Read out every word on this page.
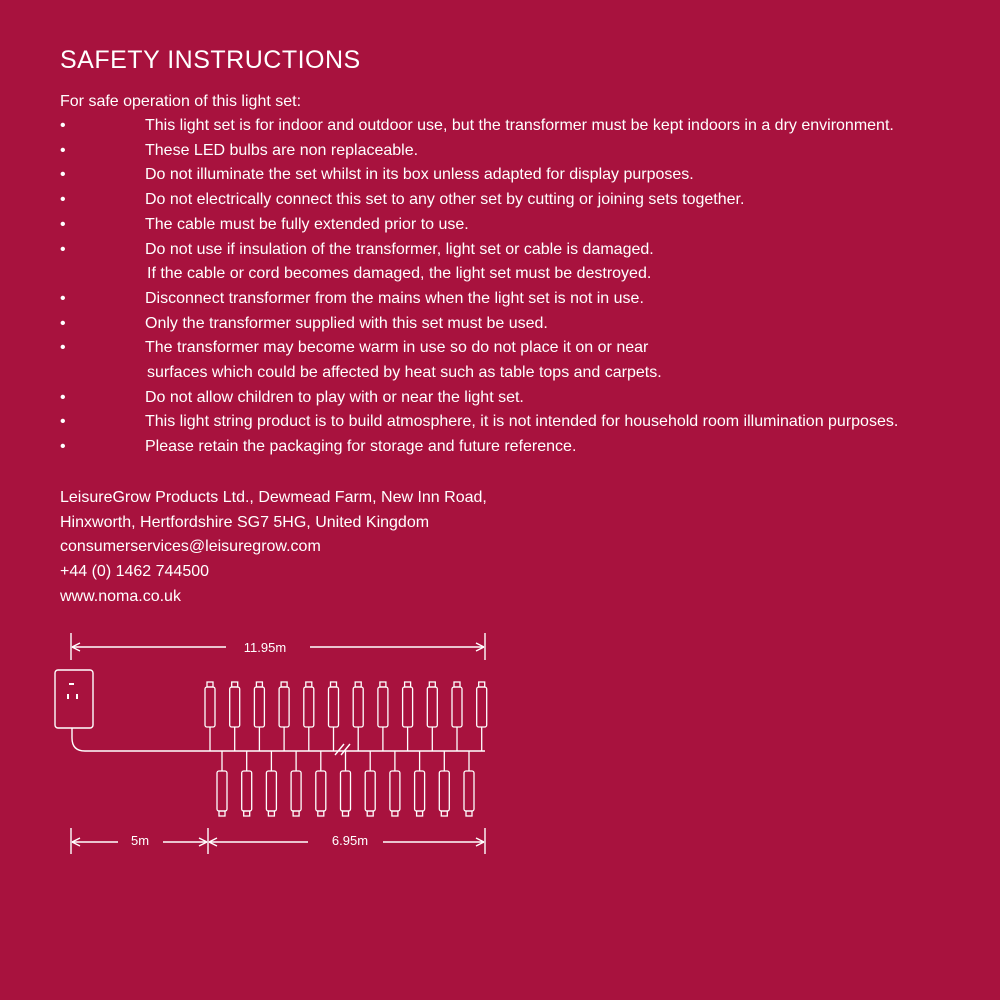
SAFETY INSTRUCTIONS

For safe operation of this light set:

•	This light set is for indoor and outdoor use, but the transformer must be kept indoors in a dry environment.
•	These LED bulbs are non replaceable.
•	Do not illuminate the set whilst in its box unless adapted for display purposes.
•	Do not electrically connect this set to any other set by cutting or joining sets together.
•	The cable must be fully extended prior to use.
•	Do not use if insulation of the transformer, light set or cable is damaged.
If the cable or cord becomes damaged, the light set must be destroyed.
•	Disconnect transformer from the mains when the light set is not in use.
•	Only the transformer supplied with this set must be used.
•	The transformer may become warm in use so do not place it on or near
surfaces which could be affected by heat such as table tops and carpets.
•	Do not allow children to play with or near the light set.
•	This light string product is to build atmosphere, it is not intended for household room illumination purposes.
•	Please retain the packaging for storage and future reference.
LeisureGrow Products Ltd., Dewmead Farm, New Inn Road,
Hinxworth, Hertfordshire SG7 5HG, United Kingdom
consumerservices@leisuregrow.com
+44 (0) 1462 744500
www.noma.co.uk
11.95m
5m	6.95m
